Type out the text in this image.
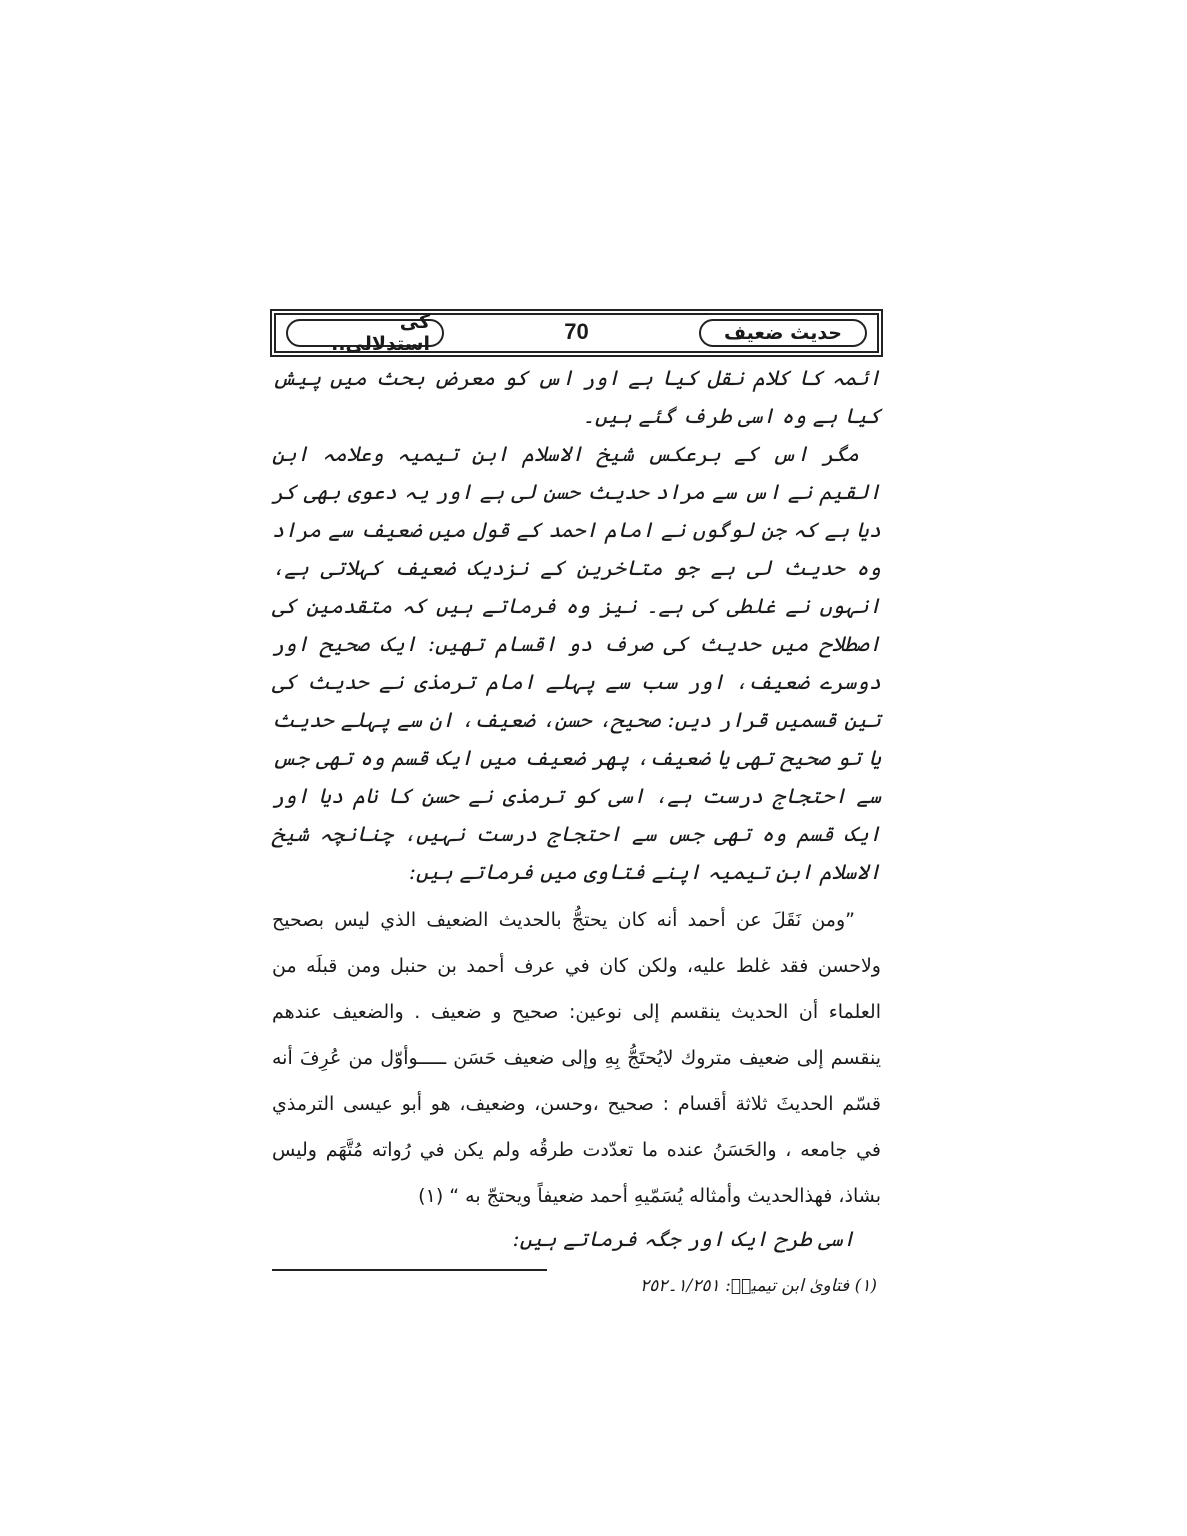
حديث ضعيف
70
كى استدلالى..

ائمہ کا کلام نقل کیا ہے اور اس کو معرض بحث میں پیش کیا ہے وہ اسی طرف گئے ہیں۔

مگر اس کے برعکس شیخ الاسلام ابن تیمیہ وعلامہ ابن القیم نے اس سے مراد حدیث حسن لی ہے اور یہ دعوی بھی کر دیا ہے کہ جن لوگوں نے امام احمد کے قول میں ضعیف سے مراد وہ حدیث لی ہے جو متاخرین کے نزدیک ضعیف کہلاتی ہے، انہوں نے غلطی کی ہے۔ نیز وہ فرماتے ہیں کہ متقدمین کی اصطلاح میں حدیث کی صرف دو اقسام تھیں: ایک صحیح اور دوسرے ضعیف، اور سب سے پہلے امام ترمذی نے حدیث کی تین قسمیں قرار دیں: صحیح، حسن، ضعیف، ان سے پہلے حدیث یا تو صحیح تھی یا ضعیف، پھر ضعیف میں ایک قسم وہ تھی جس سے احتجاج درست ہے، اسی کو ترمذی نے حسن کا نام دیا اور ایک قسم وہ تھی جس سے احتجاج درست نہیں، چنانچہ شیخ الاسلام ابن تیمیہ اپنے فتاوی میں فرماتے ہیں:

”ومن نَقَلَ عن أحمد أنه كان يحتجُّ بالحديث الضعيف الذي ليس بصحيح ولاحسن فقد غلط عليه، ولكن كان في عرف أحمد بن حنبل ومن قبلَه من العلماء أن الحديث ينقسم إلى نوعين: صحيح و ضعيف . والضعيف عندهم ينقسم إلى ضعيف متروك لايُحتَجُّ بِهِ وإلى ضعيف حَسَن ـــــوأوّل من عُرِفَ أنه قسّم الحديثَ ثلاثة أقسام : صحيح ،وحسن، وضعيف، هو أبو عيسى الترمذي في جامعه ، والحَسَنُ عنده ما تعدّدت طرقُه ولم يكن في رُواته مُتَّهَم وليس بشاذ، فهذالحديث وأمثاله يُسَمّيهِ أحمد ضعيفاً ويحتجّ به “ (١)

اسی طرح ایک اور جگہ فرماتے ہیں:
(١) فتاوىٰ ابن تیمیہؒ: ١/٢٥١۔٢٥٢
